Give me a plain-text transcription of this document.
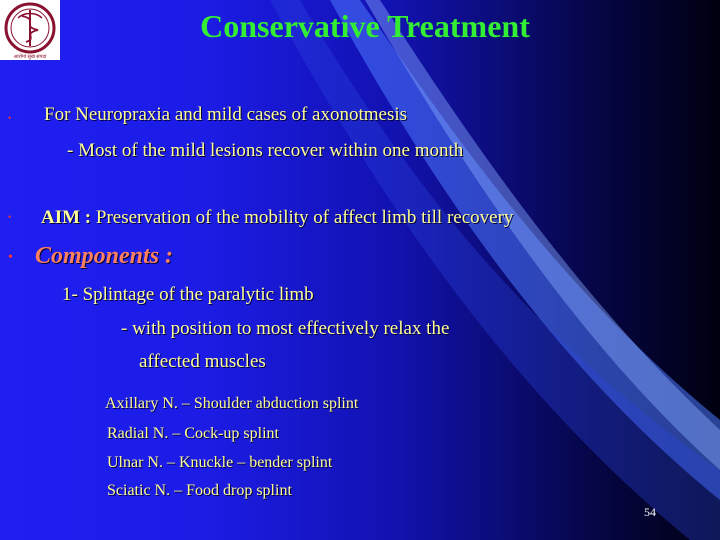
आरोग्यं सुख संपदा
Conservative Treatment
• For Neuropraxia and mild cases of axonotmesis
- Most of the mild lesions recover within one month
• AIM : Preservation of the mobility of affect limb till recovery
• Components :
1- Splintage of the paralytic limb
- with position to most effectively relax the
affected muscles
Axillary N. – Shoulder abduction splint
Radial N. – Cock-up splint
Ulnar N. – Knuckle – bender splint
Sciatic N. – Food drop splint
54
